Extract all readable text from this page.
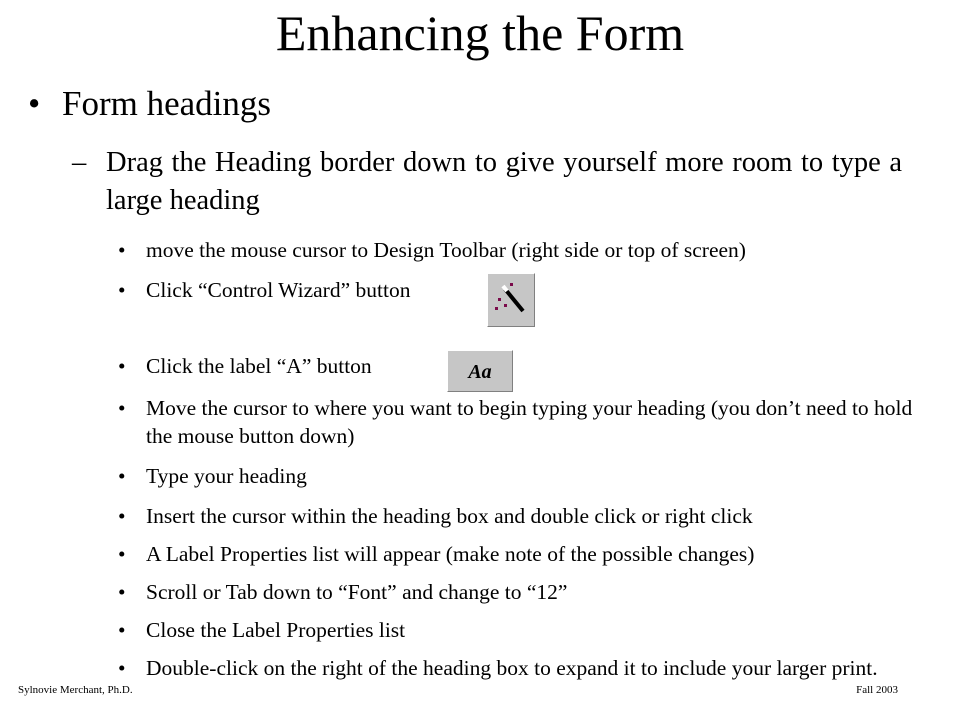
Enhancing the Form
• Form headings
– Drag the Heading border down to give yourself more room to type a large heading
• move the mouse cursor to Design Toolbar (right side or top of screen)
• Click “Control Wizard” button
• Click the label “A” button	Aa
• Move the cursor to where you want to begin typing your heading (you don’t need to hold the mouse button down)
• Type your heading
• Insert the cursor within the heading box and double click or right click
• A Label Properties list will appear (make note of the possible changes)
• Scroll or Tab down to “Font” and change to “12”
• Close the Label Properties list
• Double-click on the right of the heading box to expand it to include your larger print.
Sylnovie Merchant, Ph.D.	Fall 2003
